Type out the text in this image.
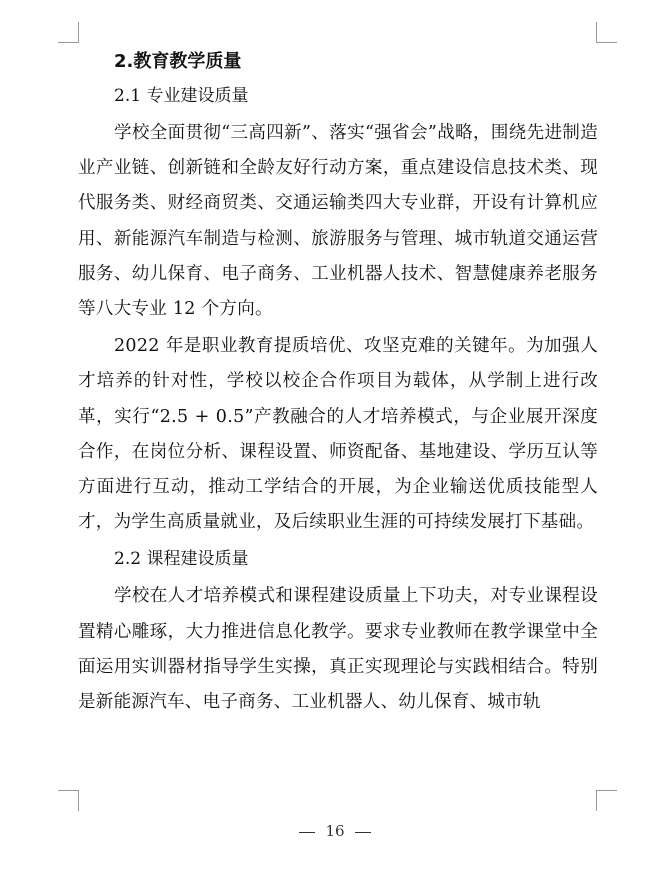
2.教育教学质量
2.1 专业建设质量

学校全面贯彻“三高四新”、落实“强省会”战略，围绕先进制造业产业链、创新链和全龄友好行动方案，重点建设信息技术类、现代服务类、财经商贸类、交通运输类四大专业群，开设有计算机应用、新能源汽车制造与检测、旅游服务与管理、城市轨道交通运营服务、幼儿保育、电子商务、工业机器人技术、智慧健康养老服务等八大专业 12 个方向。

2022 年是职业教育提质培优、攻坚克难的关键年。为加强人才培养的针对性，学校以校企合作项目为载体，从学制上进行改革，实行“2.5 + 0.5”产教融合的人才培养模式，与企业展开深度合作，在岗位分析、课程设置、师资配备、基地建设、学历互认等方面进行互动，推动工学结合的开展，为企业输送优质技能型人才，为学生高质量就业，及后续职业生涯的可持续发展打下基础。

2.2 课程建设质量

学校在人才培养模式和课程建设质量上下功夫，对专业课程设置精心雕琢，大力推进信息化教学。要求专业教师在教学课堂中全面运用实训器材指导学生实操，真正实现理论与实践相结合。特别是新能源汽车、电子商务、工业机器人、幼儿保育、城市轨

16
